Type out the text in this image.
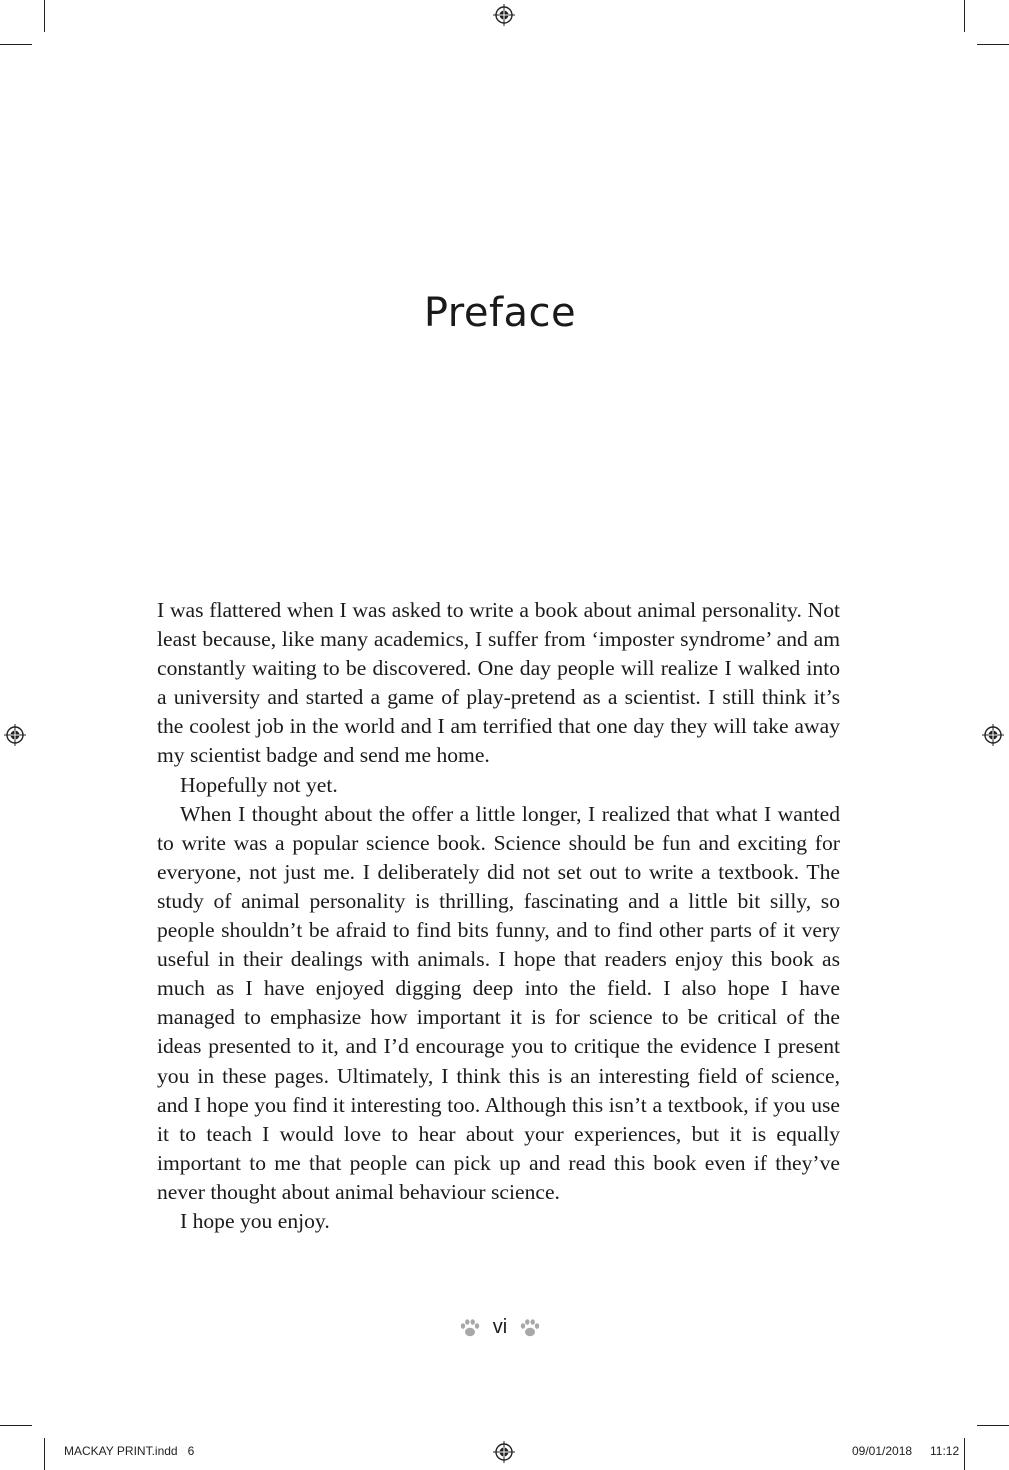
Preface

I was flattered when I was asked to write a book about animal personality. Not least because, like many academics, I suffer from ‘imposter syndrome’ and am constantly waiting to be discovered. One day people will realize I walked into a university and started a game of play-pretend as a scientist. I still think it’s the coolest job in the world and I am terrified that one day they will take away my scientist badge and send me home.

Hopefully not yet.

When I thought about the offer a little longer, I realized that what I wanted to write was a popular science book. Science should be fun and exciting for everyone, not just me. I deliberately did not set out to write a textbook. The study of animal personality is thrilling, fascinating and a little bit silly, so people shouldn’t be afraid to find bits funny, and to find other parts of it very useful in their dealings with animals. I hope that readers enjoy this book as much as I have enjoyed digging deep into the field. I also hope I have managed to emphasize how important it is for science to be critical of the ideas presented to it, and I’d encourage you to critique the evidence I present you in these pages. Ultimately, I think this is an interesting field of science, and I hope you find it interesting too. Although this isn’t a textbook, if you use it to teach I would love to hear about your experiences, but it is equally important to me that people can pick up and read this book even if they’ve never thought about animal behaviour science.

I hope you enjoy.

vi
MACKAY PRINT.indd   6	09/01/2018 11:12
